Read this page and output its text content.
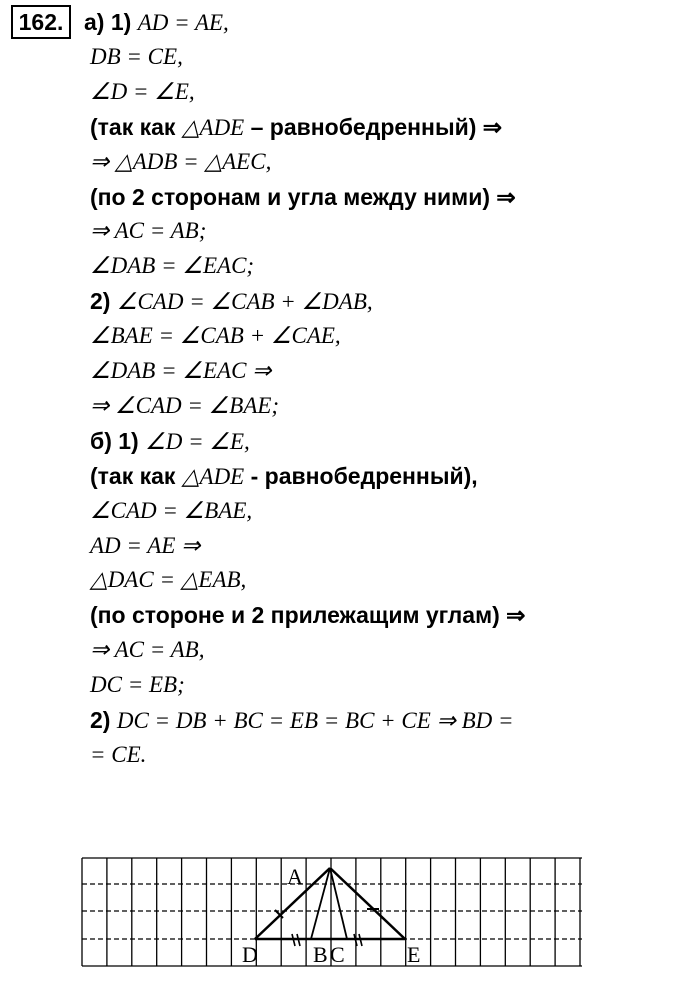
162. а) 1) AD = AE,
DB = CE,
∠D = ∠E,
(так как △ADE – равнобедренный) ⇒
⇒ △ADB = △AEC,
(по 2 сторонам и угла между ними) ⇒
⇒ AC = AB;
∠DAB = ∠EAC;
2) ∠CAD = ∠CAB + ∠DAB,
∠BAE = ∠CAB + ∠CAE,
∠DAB = ∠EAC ⇒
⇒ ∠CAD = ∠BAE;
б) 1) ∠D = ∠E,
(так как △ADE - равнобедренный),
∠CAD = ∠BAE,
AD = AE ⇒
△DAC = △EAB,
(по стороне и 2 прилежащим углам) ⇒
⇒ AC = AB,
DC = EB;
2) DC = DB + BC = EB = BC + CE ⇒ BD =
= CE.
A
B C
D	E
